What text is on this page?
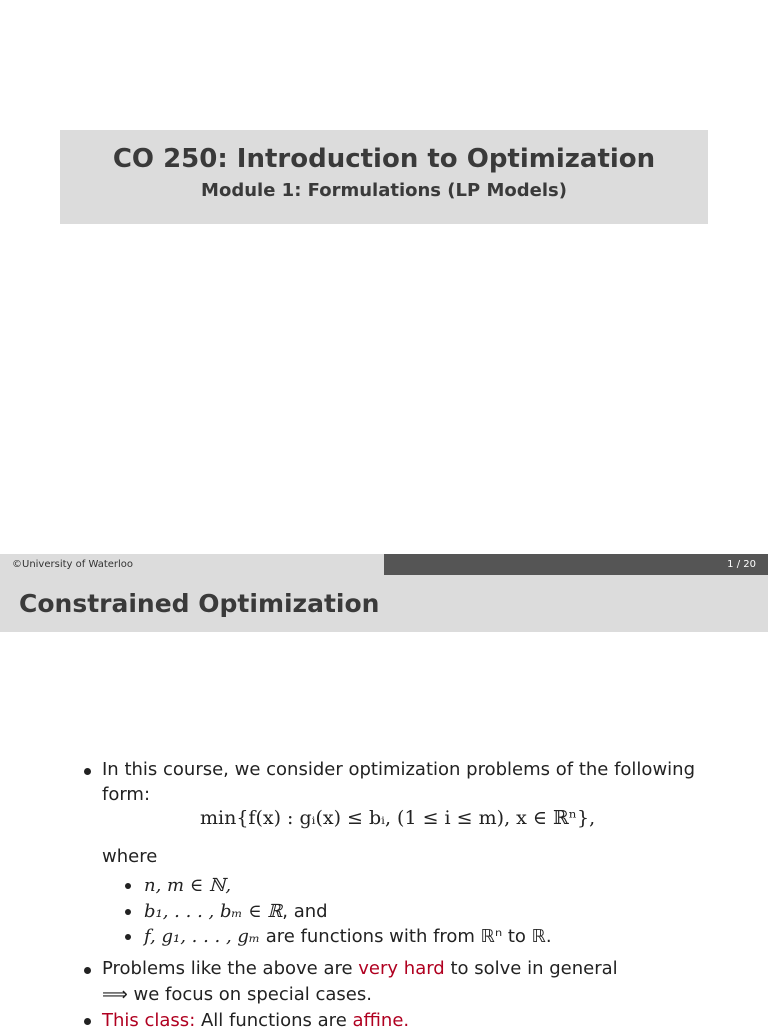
CO 250: Introduction to Optimization
Module 1: Formulations (LP Models)
©University of Waterloo	1 / 20
Constrained Optimization
In this course, we consider optimization problems of the following
form:
min{f(x) : gᵢ(x) ≤ bᵢ, (1 ≤ i ≤ m), x ∈ ℝⁿ},
where
n, m ∈ ℕ,
b₁, . . . , bₘ ∈ ℝ, and
f, g₁, . . . , gₘ are functions with from ℝⁿ to ℝ.
Problems like the above are very hard to solve in general
⟹ we focus on special cases.
This class: All functions are affine.
